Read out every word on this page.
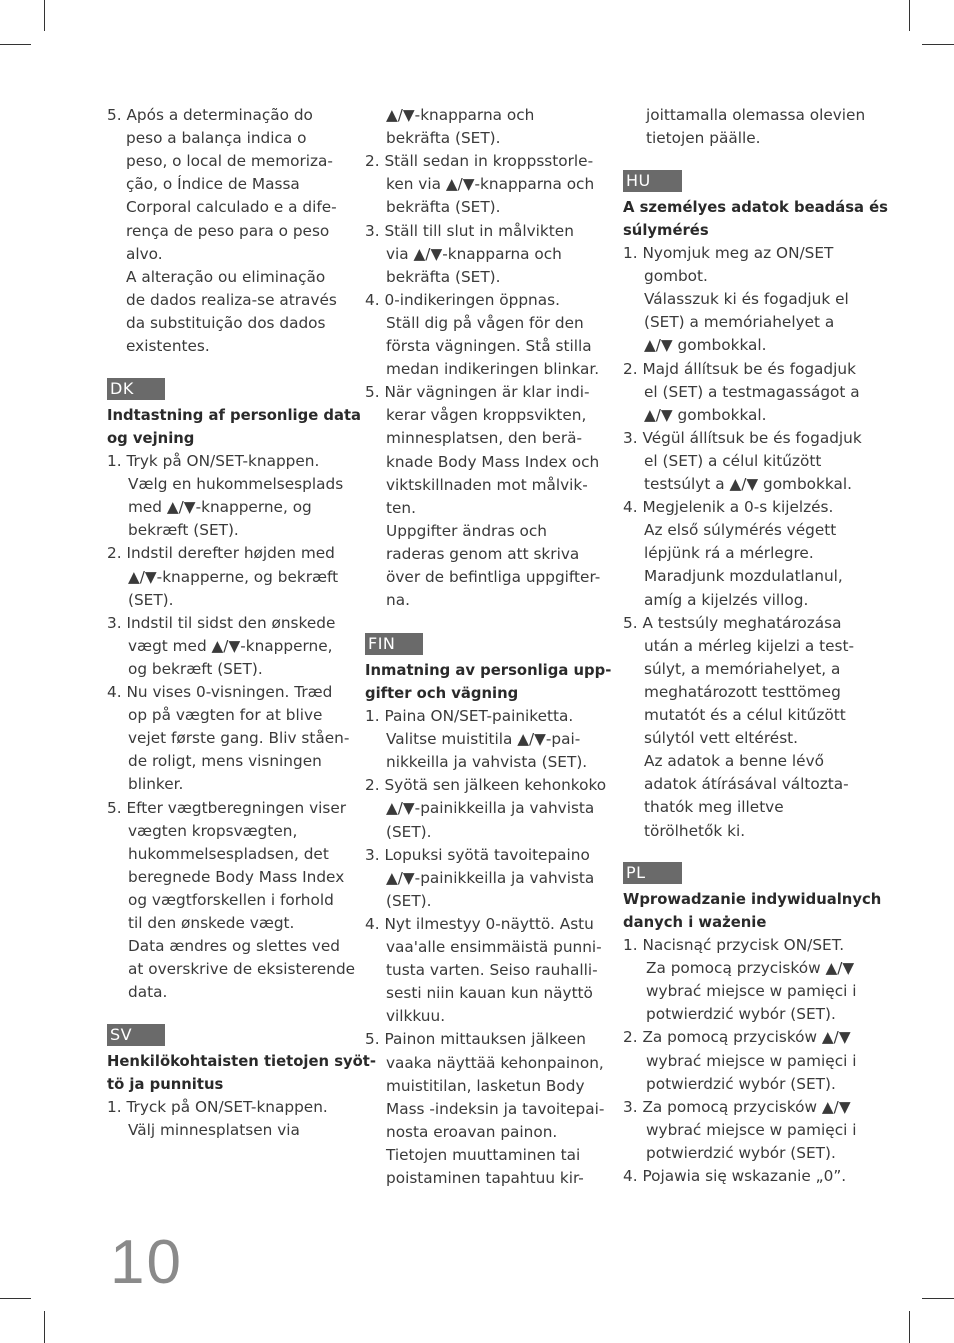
5. Após a determinação do
peso a balança indica o
peso, o local de memoriza-
ção, o Índice de Massa
Corporal calculado e a dife-
rença de peso para o peso
alvo.
A alteração ou eliminação
de dados realiza-se através
da substituição dos dados
existentes.
DK
Indtastning af personlige data
og vejning
1. Tryk på ON/SET-knappen.
Vælg en hukommelsesplads
med ▲/▼-knapperne, og
bekræft (SET).
2. Indstil derefter højden med
▲/▼-knapperne, og bekræft
(SET).
3. Indstil til sidst den ønskede
vægt med ▲/▼-knapperne,
og bekræft (SET).
4. Nu vises 0-visningen. Træd
op på vægten for at blive
vejet første gang. Bliv ståen-
de roligt, mens visningen
blinker.
5. Efter vægtberegningen viser
vægten kropsvægten,
hukommelsespladsen, det
beregnede Body Mass Index
og vægtforskellen i forhold
til den ønskede vægt.
Data ændres og slettes ved
at overskrive de eksisterende
data.
SV
Henkilökohtaisten tietojen syöt-
tö ja punnitus
1. Tryck på ON/SET-knappen.
Välj minnesplatsen via
▲/▼-knapparna och
bekräfta (SET).
2. Ställ sedan in kroppsstorle-
ken via ▲/▼-knapparna och
bekräfta (SET).
3. Ställ till slut in målvikten
via ▲/▼-knapparna och
bekräfta (SET).
4. 0-indikeringen öppnas.
Ställ dig på vågen för den
första vägningen. Stå stilla
medan indikeringen blinkar.
5. När vägningen är klar indi-
kerar vågen kroppsvikten,
minnesplatsen, den berä-
knade Body Mass Index och
viktskillnaden mot målvik-
ten.
Uppgifter ändras och
raderas genom att skriva
över de befintliga uppgifter-
na.
FIN
Inmatning av personliga upp-
gifter och vägning
1. Paina ON/SET-painiketta.
Valitse muistitila ▲/▼-pai-
nikkeilla ja vahvista (SET).
2. Syötä sen jälkeen kehonkoko
▲/▼-painikkeilla ja vahvista
(SET).
3. Lopuksi syötä tavoitepaino
▲/▼-painikkeilla ja vahvista
(SET).
4. Nyt ilmestyy 0-näyttö. Astu
vaa'alle ensimmäistä punni-
tusta varten. Seiso rauhalli-
sesti niin kauan kun näyttö
vilkkuu.
5. Painon mittauksen jälkeen
vaaka näyttää kehonpainon,
muistitilan, lasketun Body
Mass -indeksin ja tavoitepai-
nosta eroavan painon.
Tietojen muuttaminen tai
poistaminen tapahtuu kir-
joittamalla olemassa olevien
tietojen päälle.
HU
A személyes adatok beadása és
súlymérés
1. Nyomjuk meg az ON/SET
gombot.
Válasszuk ki és fogadjuk el
(SET) a memóriahelyet a
▲/▼ gombokkal.
2. Majd állítsuk be és fogadjuk
el (SET) a testmagasságot a
▲/▼ gombokkal.
3. Végül állítsuk be és fogadjuk
el (SET) a célul kitűzött
testsúlyt a ▲/▼ gombokkal.
4. Megjelenik a 0-s kijelzés.
Az első súlymérés végett
lépjünk rá a mérlegre.
Maradjunk mozdulatlanul,
amíg a kijelzés villog.
5. A testsúly meghatározása
után a mérleg kijelzi a test-
súlyt, a memóriahelyet, a
meghatározott testtömeg
mutatót és a célul kitűzött
súlytól vett eltérést.
Az adatok a benne lévő
adatok átírásával változta-
thatók meg illetve
törölhetők ki.
PL
Wprowadzanie indywidualnych
danych i ważenie
1. Nacisnąć przycisk ON/SET.
Za pomocą przycisków ▲/▼
wybrać miejsce w pamięci i
potwierdzić wybór (SET).
2. Za pomocą przycisków ▲/▼
wybrać miejsce w pamięci i
potwierdzić wybór (SET).
3. Za pomocą przycisków ▲/▼
wybrać miejsce w pamięci i
potwierdzić wybór (SET).
4. Pojawia się wskazanie „0”.
10
